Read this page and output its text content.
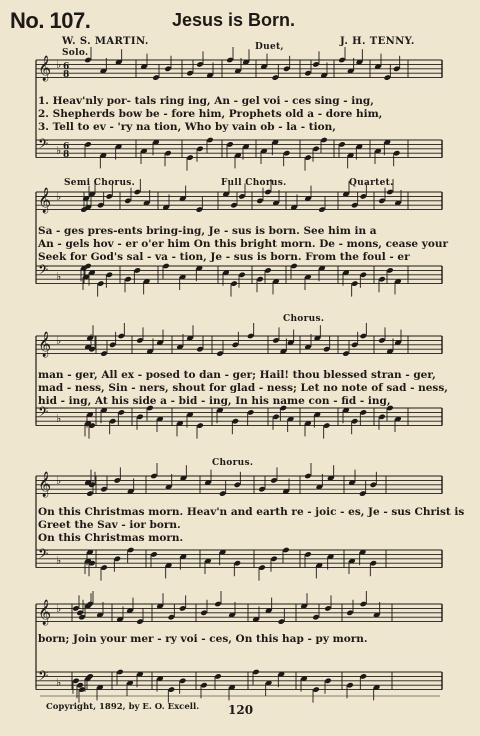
𝄞 ♭ 6
8
𝄢 ♭ 6
8
𝄞 ♭
𝄢 ♭
𝄞 ♭
𝄢 ♭
𝄞 ♭
𝄢 ♭
𝄞 ♭
𝄢 ♭
No. 107.	Jesus is Born.
W. S. MARTIN.	J. H. TENNY.
Solo.
Duet,
Semi Chorus.	Full Chorus.	Quartet.
Chorus.
Chorus.
1. Heav'nly por- tals ring ing, An - gel voi - ces sing - ing,
2. Shepherds bow be - fore him, Prophets old a - dore him,
3. Tell to ev - 'ry na tion, Who by vain ob - la - tion,
Sa - ges pres-ents bring-ing, Je - sus is born. See him in a
An - gels hov - er o'er him On this bright morn. De - mons, cease your
Seek for God's sal - va - tion, Je - sus is born. From the foul - er
man - ger, All ex - posed to dan - ger; Hail! thou blessed stran - ger,
mad - ness, Sin - ners, shout for glad - ness; Let no note of sad - ness,
hid - ing, At his side a - bid - ing, In his name con - fid - ing,
On this Christmas morn. Heav'n and earth re - joic - es, Je - sus Christ is
Greet the Sav - ior born.
On this Christmas morn.
born; Join your mer - ry voi - ces, On this hap - py morn.
Copyright, 1892, by E. O. Excell. 120
